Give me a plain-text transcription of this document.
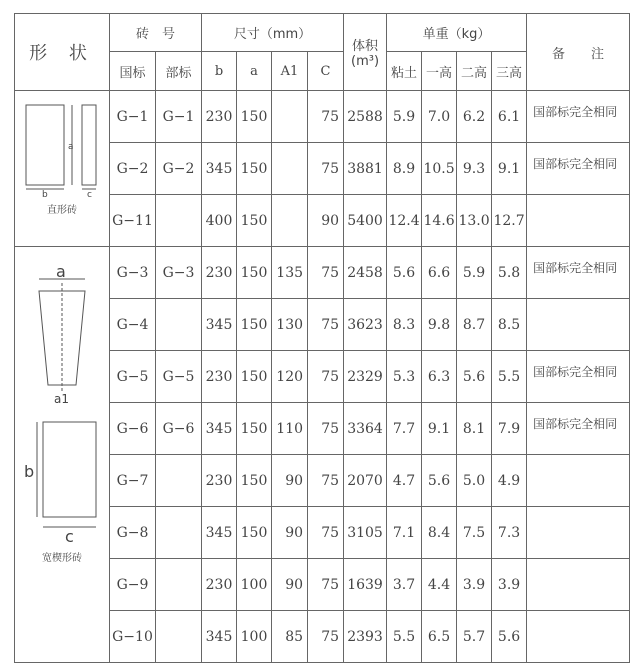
形 状	砖　号		尺寸（mm）				体积
(m³)	单重（kg）				备　　注
	国标	部标	b	a	A1	C		粘土	一高	二高	三高	

a
b c
直形砖	G−1	G−1	230	150		75	2588	5.9	7.0	6.2	6.1	国部标完全相同
	G−2	G−2	345	150		75	3881	8.9	10.5	9.3	9.1	国部标完全相同
	G−11		400	150		90	5400	12.4	14.6	13.0	12.7	

a
a1
b
c
宽楔形砖	G−3	G−3	230	150	135	75	2458	5.6	6.6	5.9	5.8	国部标完全相同
	G−4		345	150	130	75	3623	8.3	9.8	8.7	8.5	
	G−5	G−5	230	150	120	75	2329	5.3	6.3	5.6	5.5	国部标完全相同
	G−6	G−6	345	150	110	75	3364	7.7	9.1	8.1	7.9	国部标完全相同
	G−7		230	150	90	75	2070	4.7	5.6	5.0	4.9	
	G−8		345	150	90	75	3105	7.1	8.4	7.5	7.3	
	G−9		230	100	90	75	1639	3.7	4.4	3.9	3.9	
	G−10		345	100	85	75	2393	5.5	6.5	5.7	5.6	
